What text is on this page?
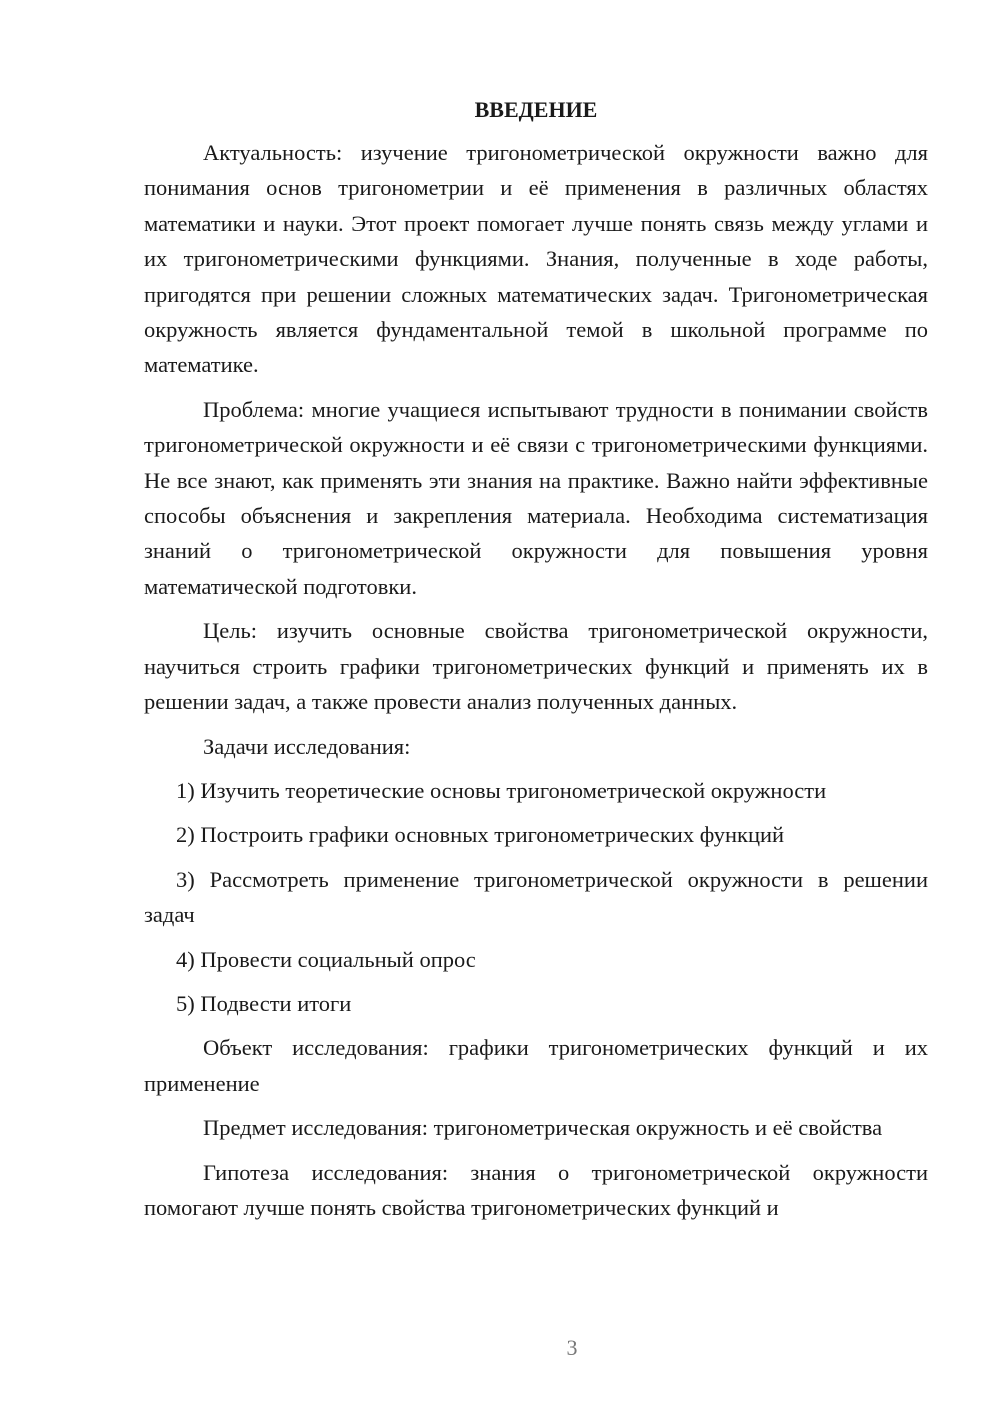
ВВЕДЕНИЕ

Актуальность: изучение тригонометрической окружности важно для понимания основ тригонометрии и её применения в различных областях математики и науки. Этот проект помогает лучше понять связь между углами и их тригонометрическими функциями. Знания, полученные в ходе работы, пригодятся при решении сложных математических задач. Тригонометрическая окружность является фундаментальной темой в школьной программе по математике.

Проблема: многие учащиеся испытывают трудности в понимании свойств тригонометрической окружности и её связи с тригонометрическими функциями. Не все знают, как применять эти знания на практике. Важно найти эффективные способы объяснения и закрепления материала. Необходима систематизация знаний о тригонометрической окружности для повышения уровня математической подготовки.

Цель: изучить основные свойства тригонометрической окружности, научиться строить графики тригонометрических функций и применять их в решении задач, а также провести анализ полученных данных.

Задачи исследования:

1) Изучить теоретические основы тригонометрической окружности

2) Построить графики основных тригонометрических функций

3) Рассмотреть применение тригонометрической окружности в решении задач

4) Провести социальный опрос

5) Подвести итоги

Объект исследования: графики тригонометрических функций и их применение

Предмет исследования: тригонометрическая окружность и её свойства

Гипотеза исследования: знания о тригонометрической окружности помогают лучше понять свойства тригонометрических функций и

3
